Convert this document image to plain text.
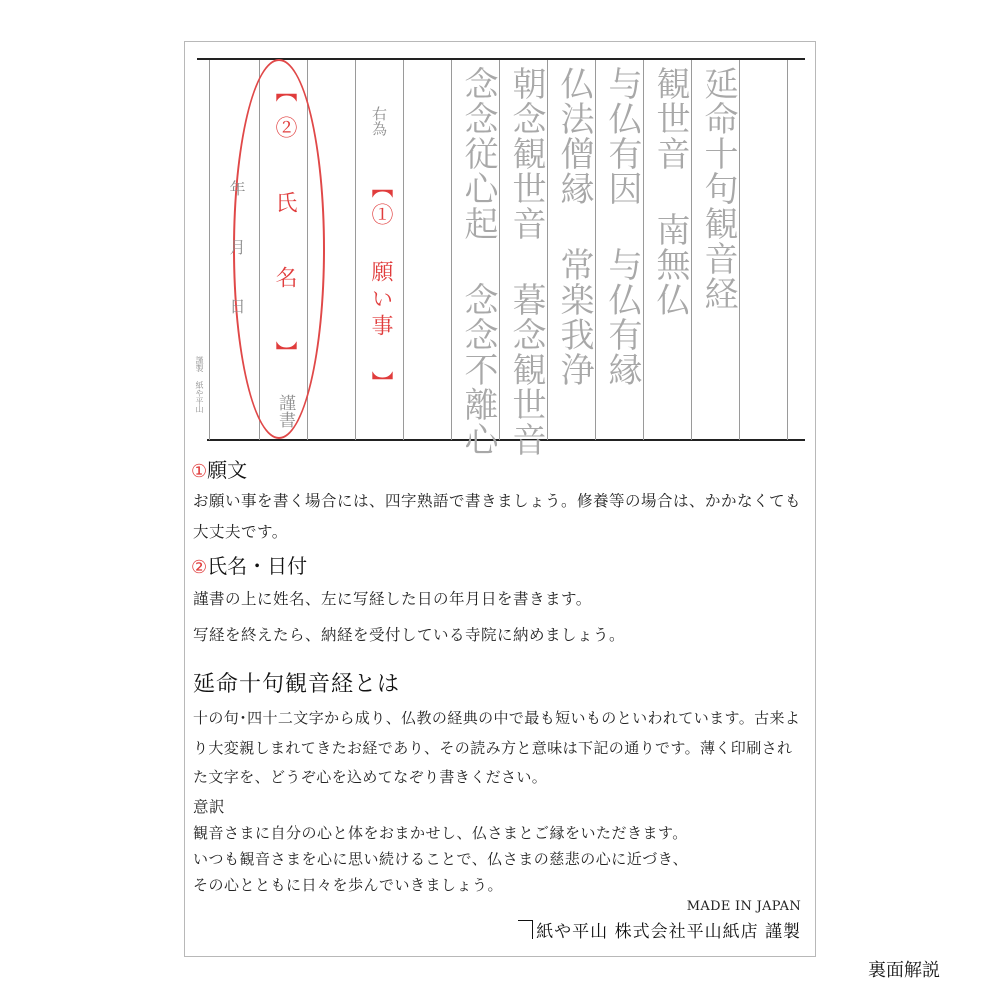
延命十句観音経
観世音 南無仏
与仏有因 与仏有縁
仏法僧縁 常楽我浄
朝念観世音 暮念観世音
念念従心起 念念不離心
右為
【① 願い事 】
【② 氏 名 】
謹書
年 月 日
謹製 紙や平山
①願文
お願い事を書く場合には、四字熟語で書きましょう。修養等の場合は、かかなくても大丈夫です。
②氏名・日付
謹書の上に姓名、左に写経した日の年月日を書きます。
写経を終えたら、納経を受付している寺院に納めましょう。
延命十句観音経とは
十の句･四十二文字から成り、仏教の経典の中で最も短いものといわれています。古来より大変親しまれてきたお経であり、その読み方と意味は下記の通りです。薄く印刷された文字を、どうぞ心を込めてなぞり書きください。
意訳
観音さまに自分の心と体をおまかせし、仏さまとご縁をいただきます。
いつも観音さまを心に思い続けることで、仏さまの慈悲の心に近づき、
その心とともに日々を歩んでいきましょう。
MADE IN JAPAN
紙や平山 株式会社平山紙店 謹製
裏面解説
